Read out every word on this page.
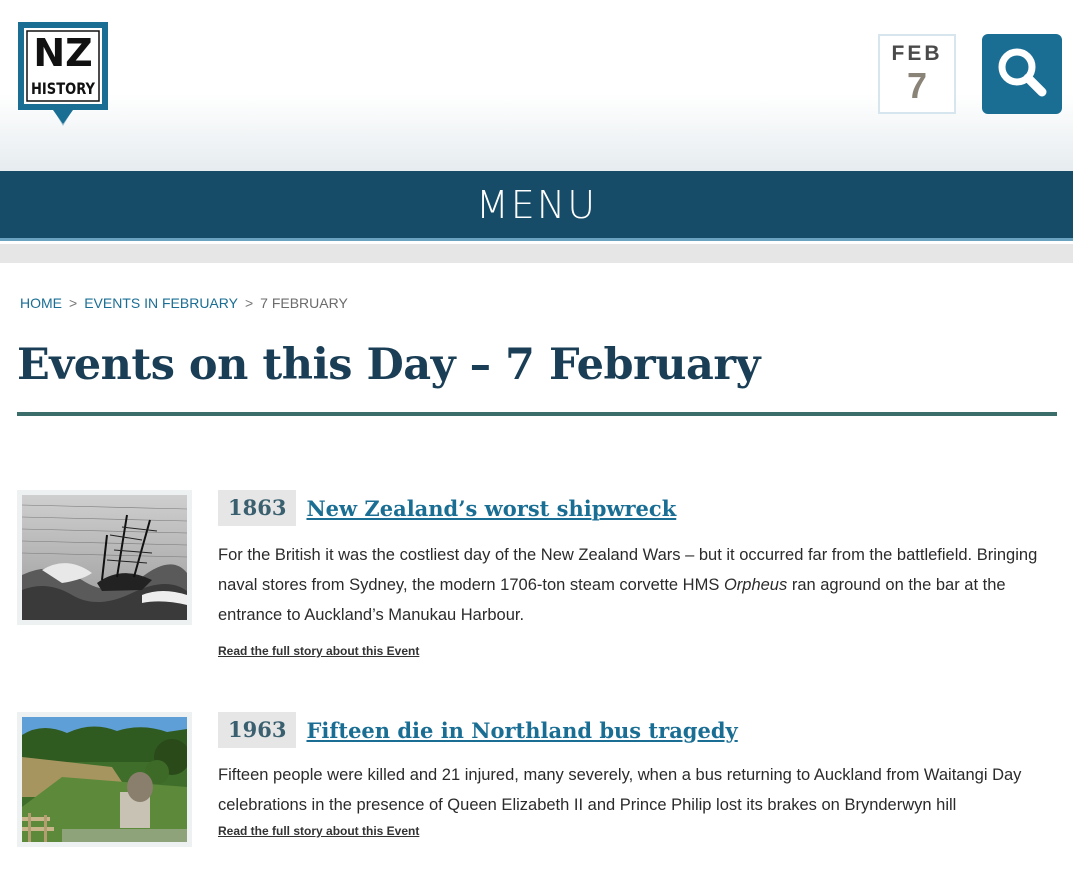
NZ
HISTORY
FEB
7
MENU
HOME > EVENTS IN FEBRUARY > 7 FEBRUARY
Events on this Day – 7 February
1863 New Zealand’s worst shipwreck

For the British it was the costliest day of the New Zealand Wars – but it occurred far from the battlefield. Bringing naval stores from Sydney, the modern 1706-ton steam corvette HMS Orpheus ran aground on the bar at the entrance to Auckland’s Manukau Harbour.

Read the full story about this Event
1963 Fifteen die in Northland bus tragedy

Fifteen people were killed and 21 injured, many severely, when a bus returning to Auckland from Waitangi Day celebrations in the presence of Queen Elizabeth II and Prince Philip lost its brakes on Brynderwyn hill

Read the full story about this Event
